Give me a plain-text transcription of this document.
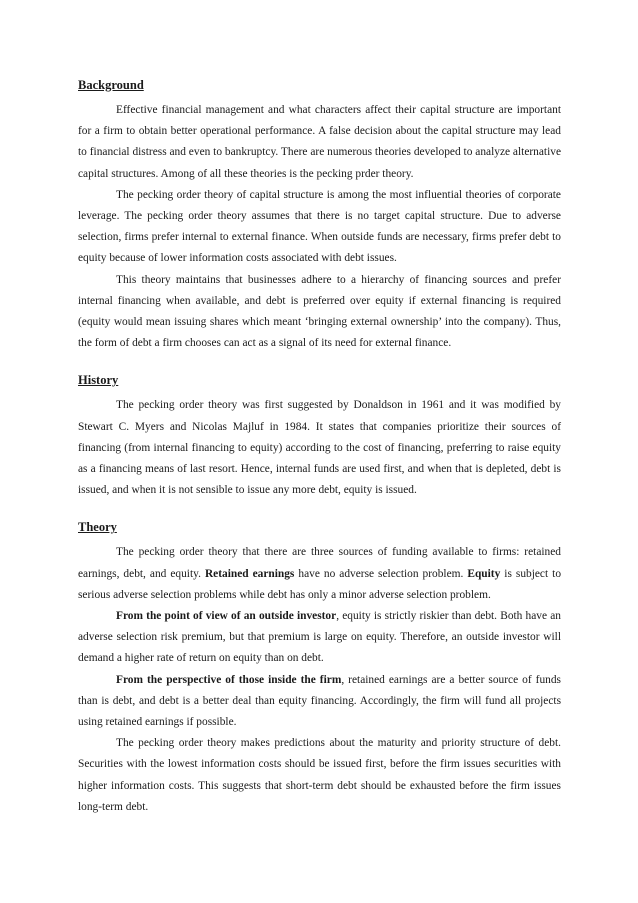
Background

Effective financial management and what characters affect their capital structure are important for a firm to obtain better operational performance. A false decision about the capital structure may lead to financial distress and even to bankruptcy. There are numerous theories developed to analyze alternative capital structures. Among of all these theories is the pecking prder theory.

The pecking order theory of capital structure is among the most influential theories of corporate leverage. The pecking order theory assumes that there is no target capital structure. Due to adverse selection, firms prefer internal to external finance. When outside funds are necessary, firms prefer debt to equity because of lower information costs associated with debt issues.

This theory maintains that businesses adhere to a hierarchy of financing sources and prefer internal financing when available, and debt is preferred over equity if external financing is required (equity would mean issuing shares which meant ‘bringing external ownership’ into the company). Thus, the form of debt a firm chooses can act as a signal of its need for external finance.

History

The pecking order theory was first suggested by Donaldson in 1961 and it was modified by Stewart C. Myers and Nicolas Majluf in 1984. It states that companies prioritize their sources of financing (from internal financing to equity) according to the cost of financing, preferring to raise equity as a financing means of last resort. Hence, internal funds are used first, and when that is depleted, debt is issued, and when it is not sensible to issue any more debt, equity is issued.

Theory

The pecking order theory that there are three sources of funding available to firms: retained earnings, debt, and equity. Retained earnings have no adverse selection problem. Equity is subject to serious adverse selection problems while debt has only a minor adverse selection problem.

From the point of view of an outside investor, equity is strictly riskier than debt. Both have an adverse selection risk premium, but that premium is large on equity. Therefore, an outside investor will demand a higher rate of return on equity than on debt.

From the perspective of those inside the firm, retained earnings are a better source of funds than is debt, and debt is a better deal than equity financing. Accordingly, the firm will fund all projects using retained earnings if possible.

The pecking order theory makes predictions about the maturity and priority structure of debt. Securities with the lowest information costs should be issued first, before the firm issues securities with higher information costs. This suggests that short-term debt should be exhausted before the firm issues long-term debt.
